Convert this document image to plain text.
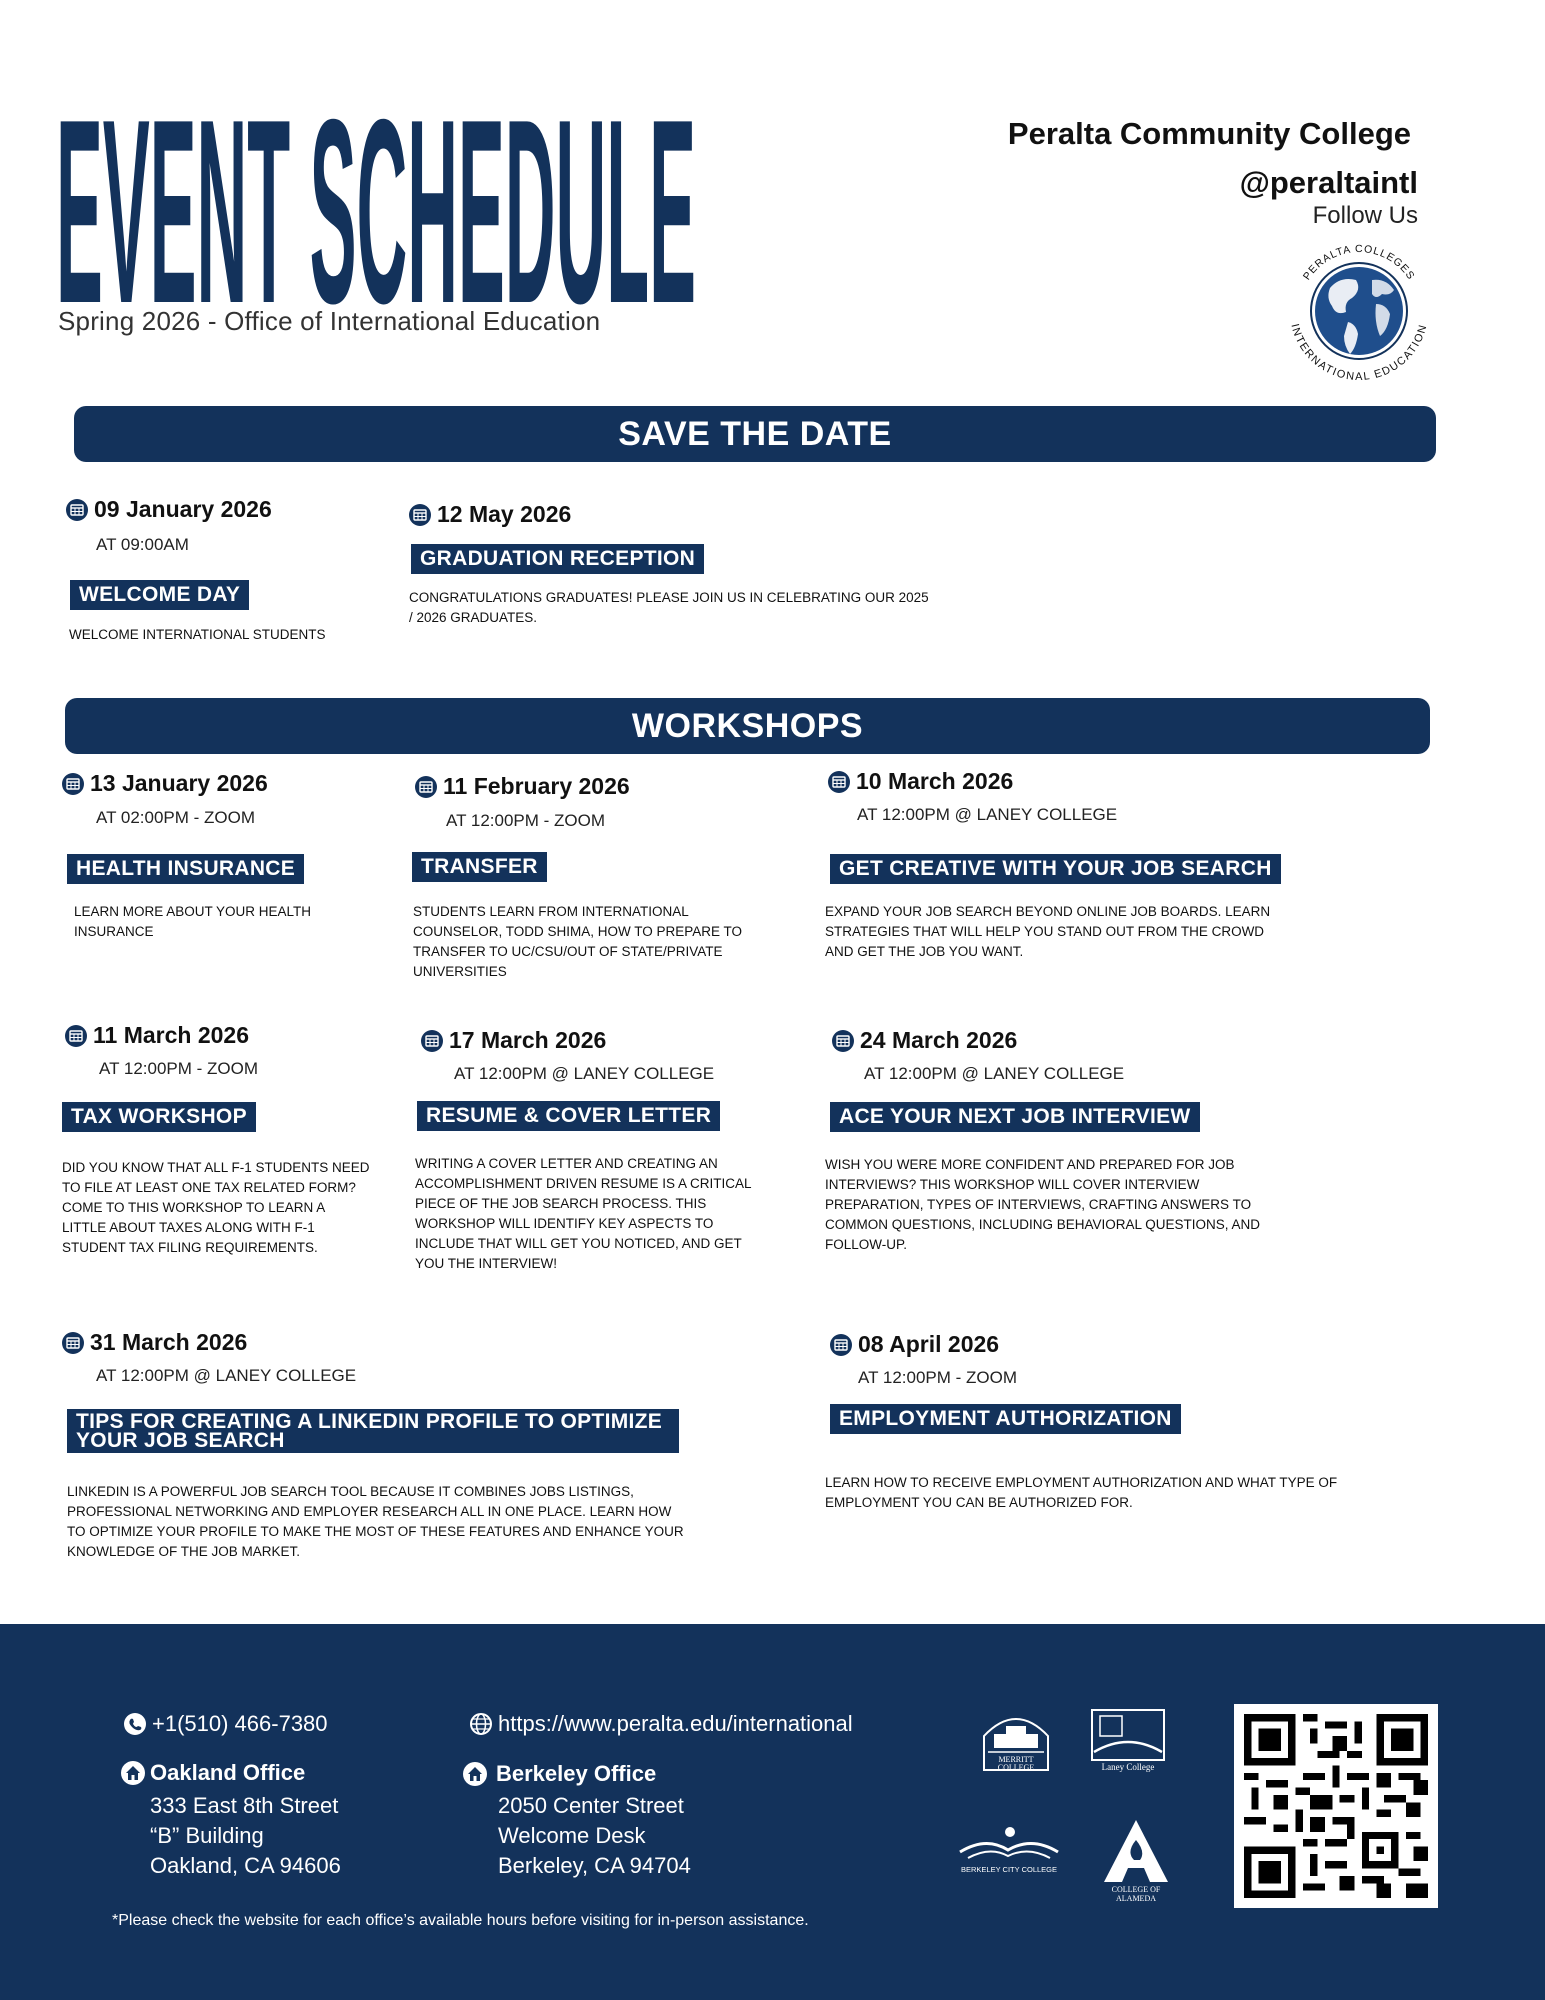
EVENT SCHEDULE
Spring 2026 - Office of International Education
Peralta Community College
@peraltaintl
Follow Us
PERALTA COLLEGES
INTERNATIONAL EDUCATION
SAVE THE DATE
09 January 2026
AT 09:00AM
WELCOME DAY
WELCOME INTERNATIONAL STUDENTS
12 May 2026
GRADUATION RECEPTION
CONGRATULATIONS GRADUATES! PLEASE JOIN US IN CELEBRATING OUR 2025 / 2026 GRADUATES.
WORKSHOPS
13 January 2026
AT 02:00PM - ZOOM
HEALTH INSURANCE
LEARN MORE ABOUT YOUR HEALTH INSURANCE
11 February 2026
AT 12:00PM - ZOOM
TRANSFER
STUDENTS LEARN FROM INTERNATIONAL COUNSELOR, TODD SHIMA, HOW TO PREPARE TO TRANSFER TO UC/CSU/OUT OF STATE/PRIVATE UNIVERSITIES
10 March 2026
AT 12:00PM @ LANEY COLLEGE
GET CREATIVE WITH YOUR JOB SEARCH
EXPAND YOUR JOB SEARCH BEYOND ONLINE JOB BOARDS. LEARN STRATEGIES THAT WILL HELP YOU STAND OUT FROM THE CROWD AND GET THE JOB YOU WANT.
11 March 2026
AT 12:00PM - ZOOM
TAX WORKSHOP
DID YOU KNOW THAT ALL F-1 STUDENTS NEED TO FILE AT LEAST ONE TAX RELATED FORM? COME TO THIS WORKSHOP TO LEARN A LITTLE ABOUT TAXES ALONG WITH F-1 STUDENT TAX FILING REQUIREMENTS.
17 March 2026
AT 12:00PM @ LANEY COLLEGE
RESUME & COVER LETTER
WRITING A COVER LETTER AND CREATING AN ACCOMPLISHMENT DRIVEN RESUME IS A CRITICAL PIECE OF THE JOB SEARCH PROCESS. THIS WORKSHOP WILL IDENTIFY KEY ASPECTS TO INCLUDE THAT WILL GET YOU NOTICED, AND GET YOU THE INTERVIEW!
24 March 2026
AT 12:00PM @ LANEY COLLEGE
ACE YOUR NEXT JOB INTERVIEW
WISH YOU WERE MORE CONFIDENT AND PREPARED FOR JOB INTERVIEWS? THIS WORKSHOP WILL COVER INTERVIEW PREPARATION, TYPES OF INTERVIEWS, CRAFTING ANSWERS TO COMMON QUESTIONS, INCLUDING BEHAVIORAL QUESTIONS, AND FOLLOW-UP.
31 March 2026
AT 12:00PM @ LANEY COLLEGE
TIPS FOR CREATING A LINKEDIN PROFILE TO OPTIMIZE YOUR JOB SEARCH
LINKEDIN IS A POWERFUL JOB SEARCH TOOL BECAUSE IT COMBINES JOBS LISTINGS, PROFESSIONAL NETWORKING AND EMPLOYER RESEARCH ALL IN ONE PLACE. LEARN HOW TO OPTIMIZE YOUR PROFILE TO MAKE THE MOST OF THESE FEATURES AND ENHANCE YOUR KNOWLEDGE OF THE JOB MARKET.
08 April 2026
AT 12:00PM - ZOOM
EMPLOYMENT AUTHORIZATION
LEARN HOW TO RECEIVE EMPLOYMENT AUTHORIZATION AND WHAT TYPE OF EMPLOYMENT YOU CAN BE AUTHORIZED FOR.
+1(510) 466-7380	https://www.peralta.edu/international
Oakland Office
333 East 8th Street
“B” Building
Oakland, CA 94606
Berkeley Office
2050 Center Street
Welcome Desk
Berkeley, CA 94704
*Please check the website for each office’s available hours before visiting for in-person assistance.
MERRITT
COLLEGE	Laney College
BERKELEY CITY COLLEGE
COLLEGE OF
ALAMEDA
